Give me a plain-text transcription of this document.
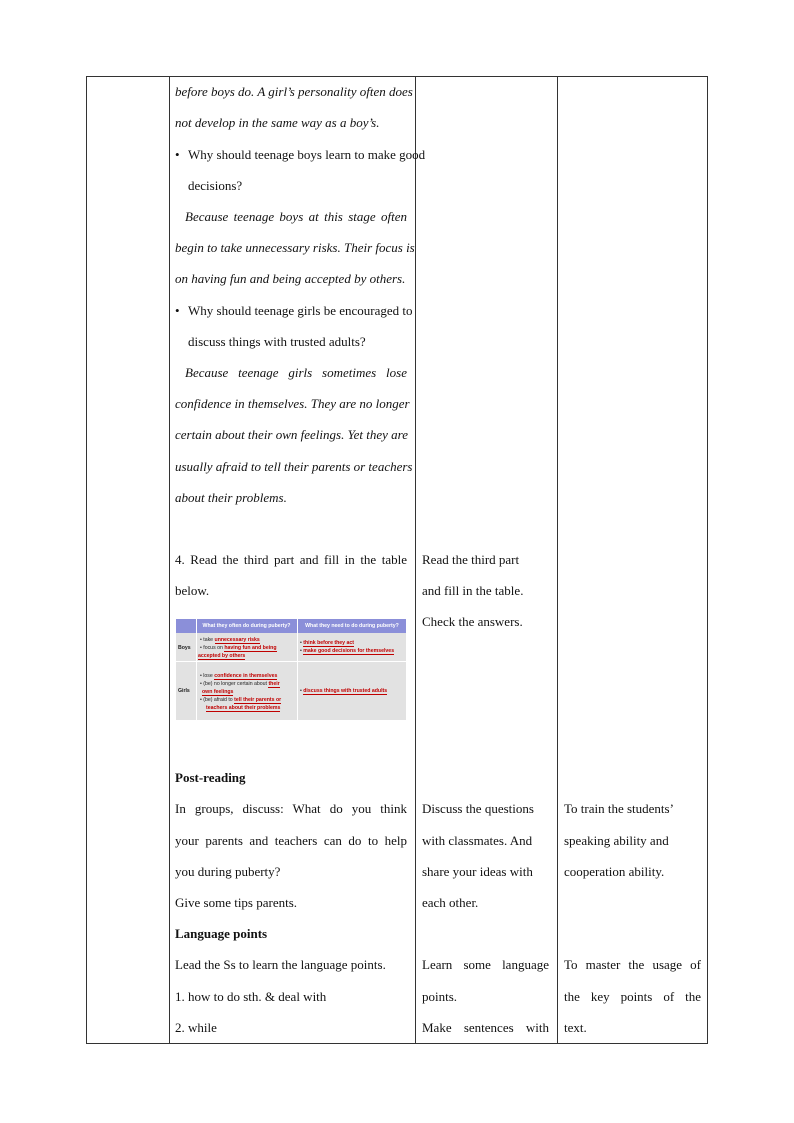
before boys do. A girl’s personality often does
not develop in the same way as a boy’s.
• Why should teenage boys learn to make good
decisions?
Because teenage boys at this stage often
begin to take unnecessary risks. Their focus is
on having fun and being accepted by others.
• Why should teenage girls be encouraged to
discuss things with trusted adults?
Because teenage girls sometimes lose
confidence in themselves. They are no longer
certain about their own feelings. Yet they are
usually afraid to tell their parents or teachers
about their problems.
4. Read the third part and fill in the table
below.
Post-reading
In groups, discuss: What do you think
your parents and teachers can do to help
you during puberty?
Give some tips parents.
Language points
Lead the Ss to learn the language points.
1. how to do sth. & deal with
2. while
What they often do during puberty?	What they need to do during puberty?
Boys
• take unnecessary risks
• focus on having fun and being
accepted by others
• think before they act
• make good decisions for themselves
Girls
• lose confidence in themselves
• (be) no longer certain about their
own feelings
• (be) afraid to tell their parents or
teachers about their problems
• discuss things with trusted adults
Read the third part
and fill in the table.
Check the answers.
Discuss the questions
with classmates. And
share your ideas with
each other.
Learn some language
points.
Make sentences with
To train the students’
speaking ability and
cooperation ability.
To master the usage of
the key points of the
text.
